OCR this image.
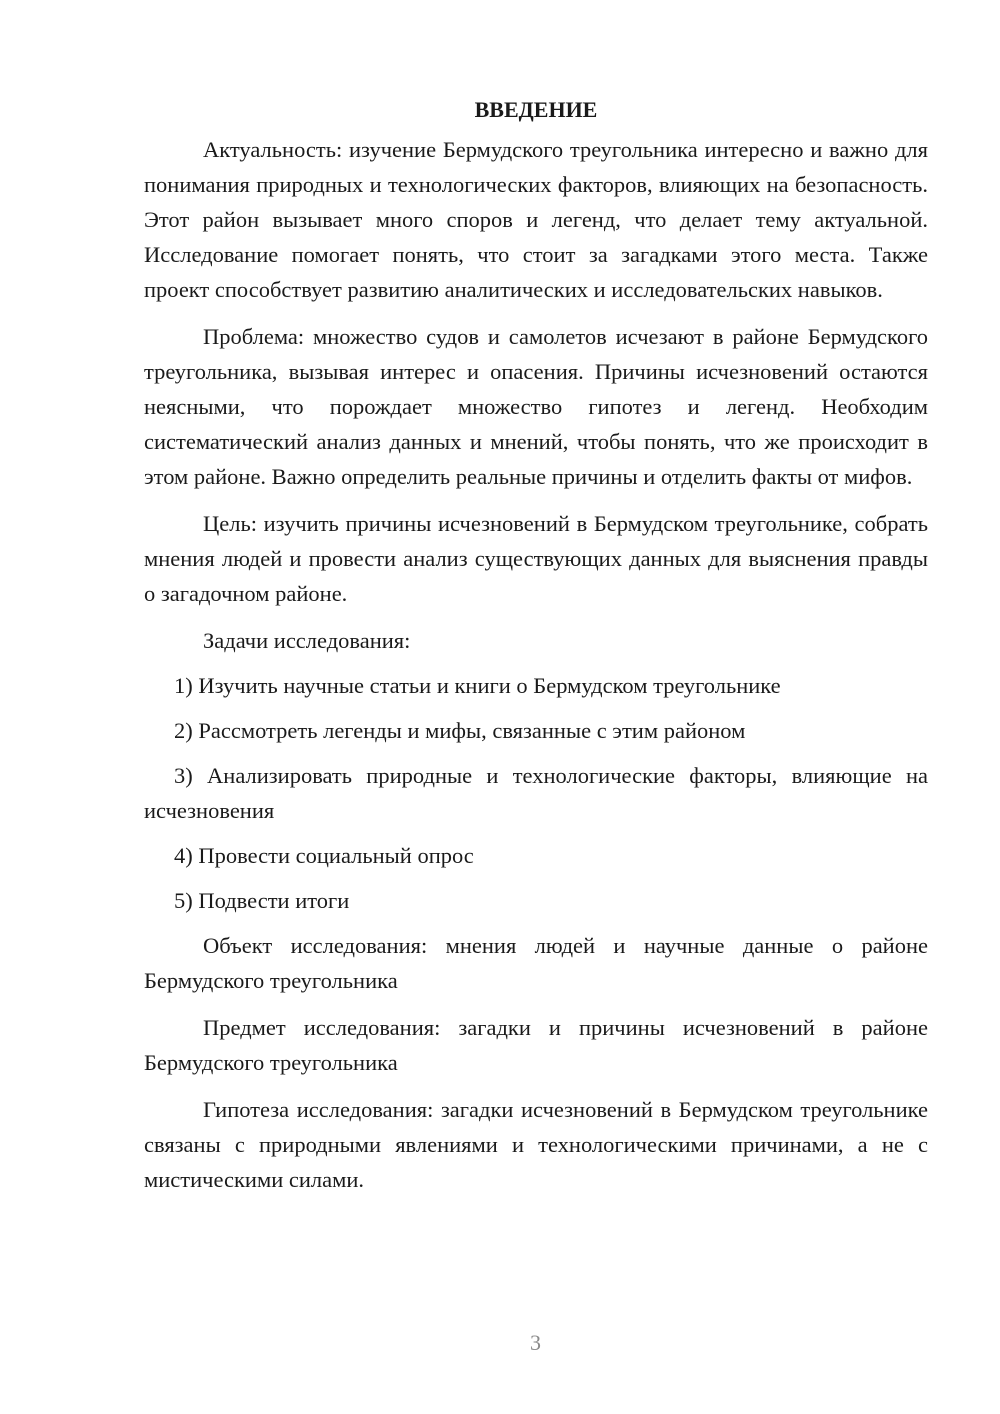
ВВЕДЕНИЕ

Актуальность: изучение Бермудского треугольника интересно и важно для понимания природных и технологических факторов, влияющих на безопасность. Этот район вызывает много споров и легенд, что делает тему актуальной. Исследование помогает понять, что стоит за загадками этого места. Также проект способствует развитию аналитических и исследовательских навыков.

Проблема: множество судов и самолетов исчезают в районе Бермудского треугольника, вызывая интерес и опасения. Причины исчезновений остаются неясными, что порождает множество гипотез и легенд. Необходим систематический анализ данных и мнений, чтобы понять, что же происходит в этом районе. Важно определить реальные причины и отделить факты от мифов.

Цель: изучить причины исчезновений в Бермудском треугольнике, собрать мнения людей и провести анализ существующих данных для выяснения правды о загадочном районе.

Задачи исследования:

1) Изучить научные статьи и книги о Бермудском треугольнике

2) Рассмотреть легенды и мифы, связанные с этим районом

3) Анализировать природные и технологические факторы, влияющие на исчезновения

4) Провести социальный опрос

5) Подвести итоги

Объект исследования: мнения людей и научные данные о районе Бермудского треугольника

Предмет исследования: загадки и причины исчезновений в районе Бермудского треугольника

Гипотеза исследования: загадки исчезновений в Бермудском треугольнике связаны с природными явлениями и технологическими причинами, а не с мистическими силами.

3
